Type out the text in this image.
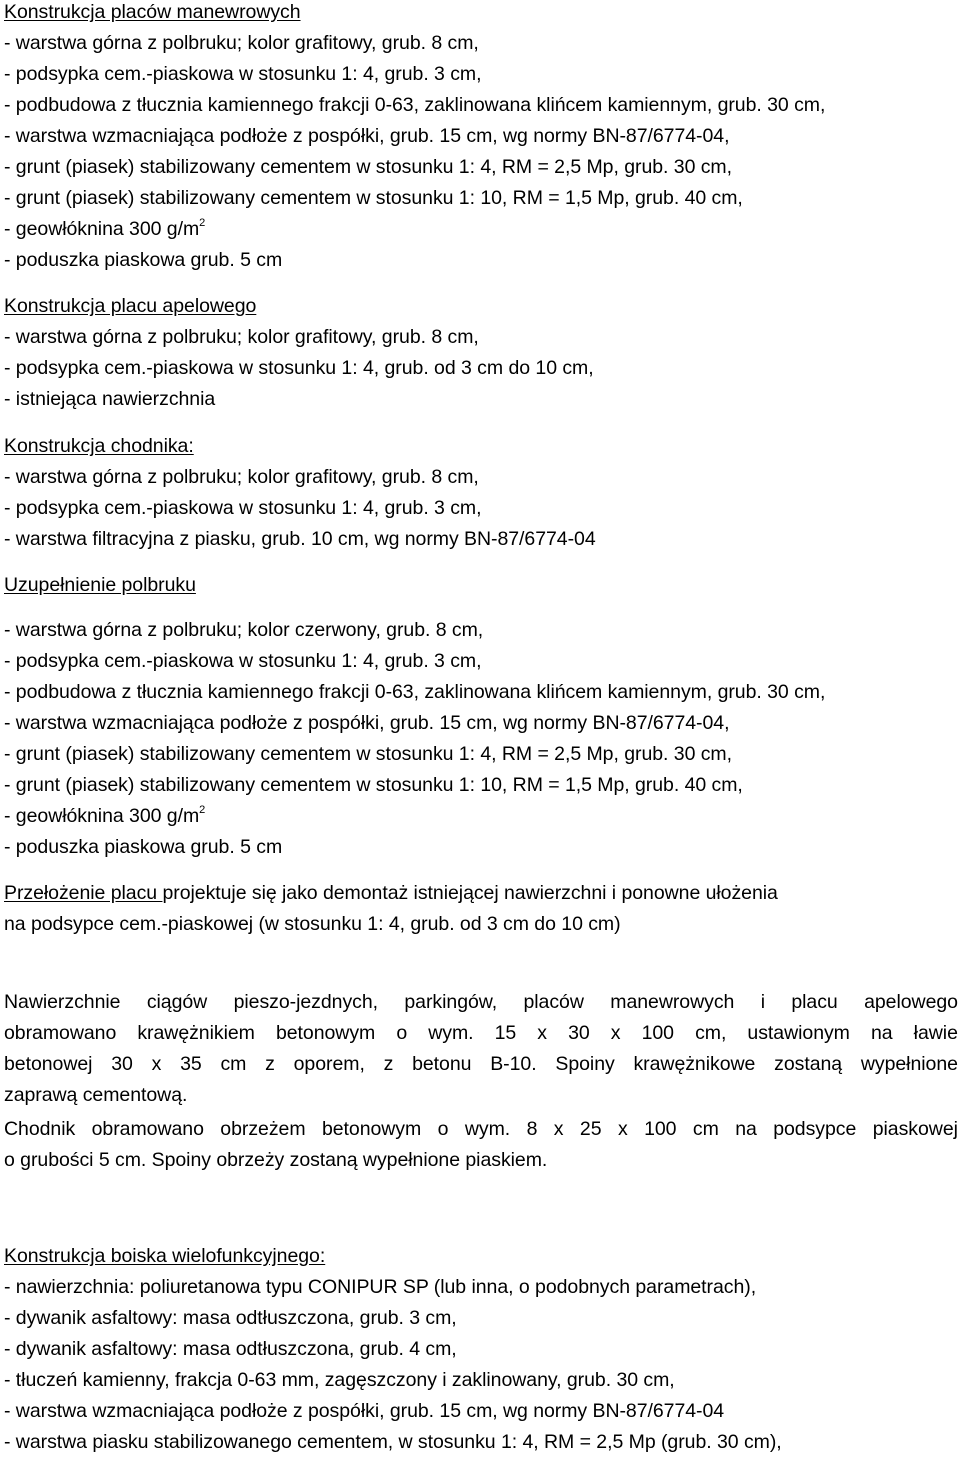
Konstrukcja placów manewrowych
- warstwa górna z polbruku; kolor grafitowy, grub. 8 cm,
- podsypka cem.-piaskowa w stosunku 1: 4, grub. 3 cm,
- podbudowa z tłucznia kamiennego frakcji 0-63, zaklinowana klińcem kamiennym, grub. 30 cm,
- warstwa wzmacniająca podłoże z pospółki, grub. 15 cm, wg normy BN-87/6774-04,
- grunt (piasek) stabilizowany cementem w stosunku 1: 4, RM = 2,5 Mp, grub. 30 cm,
- grunt (piasek) stabilizowany cementem w stosunku 1: 10, RM = 1,5 Mp, grub. 40 cm,
- geowłóknina 300 $g/m^2$
- poduszka piaskowa grub. 5 cm
Konstrukcja placu apelowego
- warstwa górna z polbruku; kolor grafitowy, grub. 8 cm,
- podsypka cem.-piaskowa w stosunku 1: 4, grub. od 3 cm do 10 cm,
- istniejąca nawierzchnia
Konstrukcja chodnika:
- warstwa górna z polbruku; kolor grafitowy, grub. 8 cm,
- podsypka cem.-piaskowa w stosunku 1: 4, grub. 3 cm,
- warstwa filtracyjna z piasku, grub. 10 cm, wg normy BN-87/6774-04
Uzupełnienie polbruku
- warstwa górna z polbruku; kolor czerwony, grub. 8 cm,
- podsypka cem.-piaskowa w stosunku 1: 4, grub. 3 cm,
- podbudowa z tłucznia kamiennego frakcji 0-63, zaklinowana klińcem kamiennym, grub. 30 cm,
- warstwa wzmacniająca podłoże z pospółki, grub. 15 cm, wg normy BN-87/6774-04,
- grunt (piasek) stabilizowany cementem w stosunku 1: 4, RM = 2,5 Mp, grub. 30 cm,
- grunt (piasek) stabilizowany cementem w stosunku 1: 10, RM = 1,5 Mp, grub. 40 cm,
- geowłóknina 300 $g/m^2$
- poduszka piaskowa grub. 5 cm
Przełożenie placu projektuje się jako demontaż istniejącej nawierzchni i ponowne ułożenia
na podsypce cem.-piaskowej (w stosunku 1: 4, grub. od 3 cm do 10 cm)
Nawierzchnie ciągów pieszo-jezdnych, parkingów, placów manewrowych i placu apelowego
obramowano krawężnikiem betonowym o wym. 15 x 30 x 100 cm, ustawionym na ławie
betonowej 30 x 35 cm z oporem, z betonu B-10. Spoiny krawężnikowe zostaną wypełnione
zaprawą cementową.
Chodnik obramowano obrzeżem betonowym o wym. 8 x 25 x 100 cm na podsypce piaskowej
o grubości 5 cm. Spoiny obrzeży zostaną wypełnione piaskiem.
Konstrukcja boiska wielofunkcyjnego:
- nawierzchnia: poliuretanowa typu CONIPUR SP (lub inna, o podobnych parametrach),
- dywanik asfaltowy: masa odtłuszczona, grub. 3 cm,
- dywanik asfaltowy: masa odtłuszczona, grub. 4 cm,
- tłuczeń kamienny, frakcja 0-63 mm, zagęszczony i zaklinowany, grub. 30 cm,
- warstwa wzmacniająca podłoże z pospółki, grub. 15 cm, wg normy BN-87/6774-04
- warstwa piasku stabilizowanego cementem, w stosunku 1: 4, RM = 2,5 Mp (grub. 30 cm),
